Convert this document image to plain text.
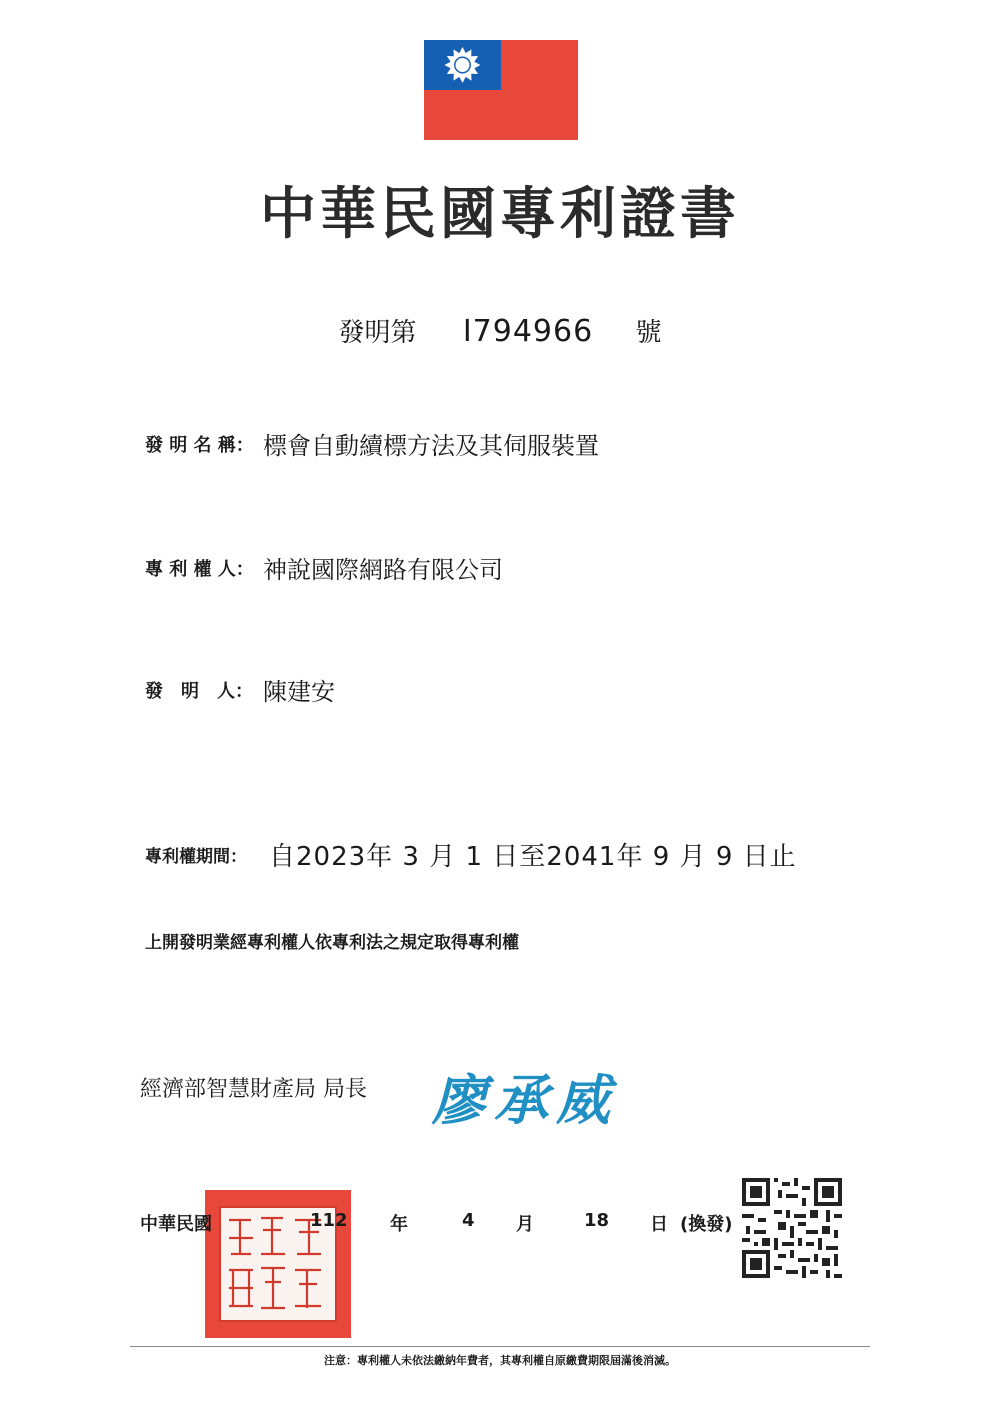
中華民國專利證書
發明第 I794966 號
發 明 名 稱： 標會自動續標方法及其伺服裝置
專 利 權 人： 神說國際網路有限公司
發　明　人： 陳建安
專利權期間： 自2023年 3 月 1 日至2041年 9 月 9 日止
上開發明業經專利權人依專利法之規定取得專利權
經濟部智慧財產局 局長 廖承威
中華民國	112 年	4 月	18 日 (換發)
注意：專利權人未依法繳納年費者，其專利權自原繳費期限屆滿後消滅。
